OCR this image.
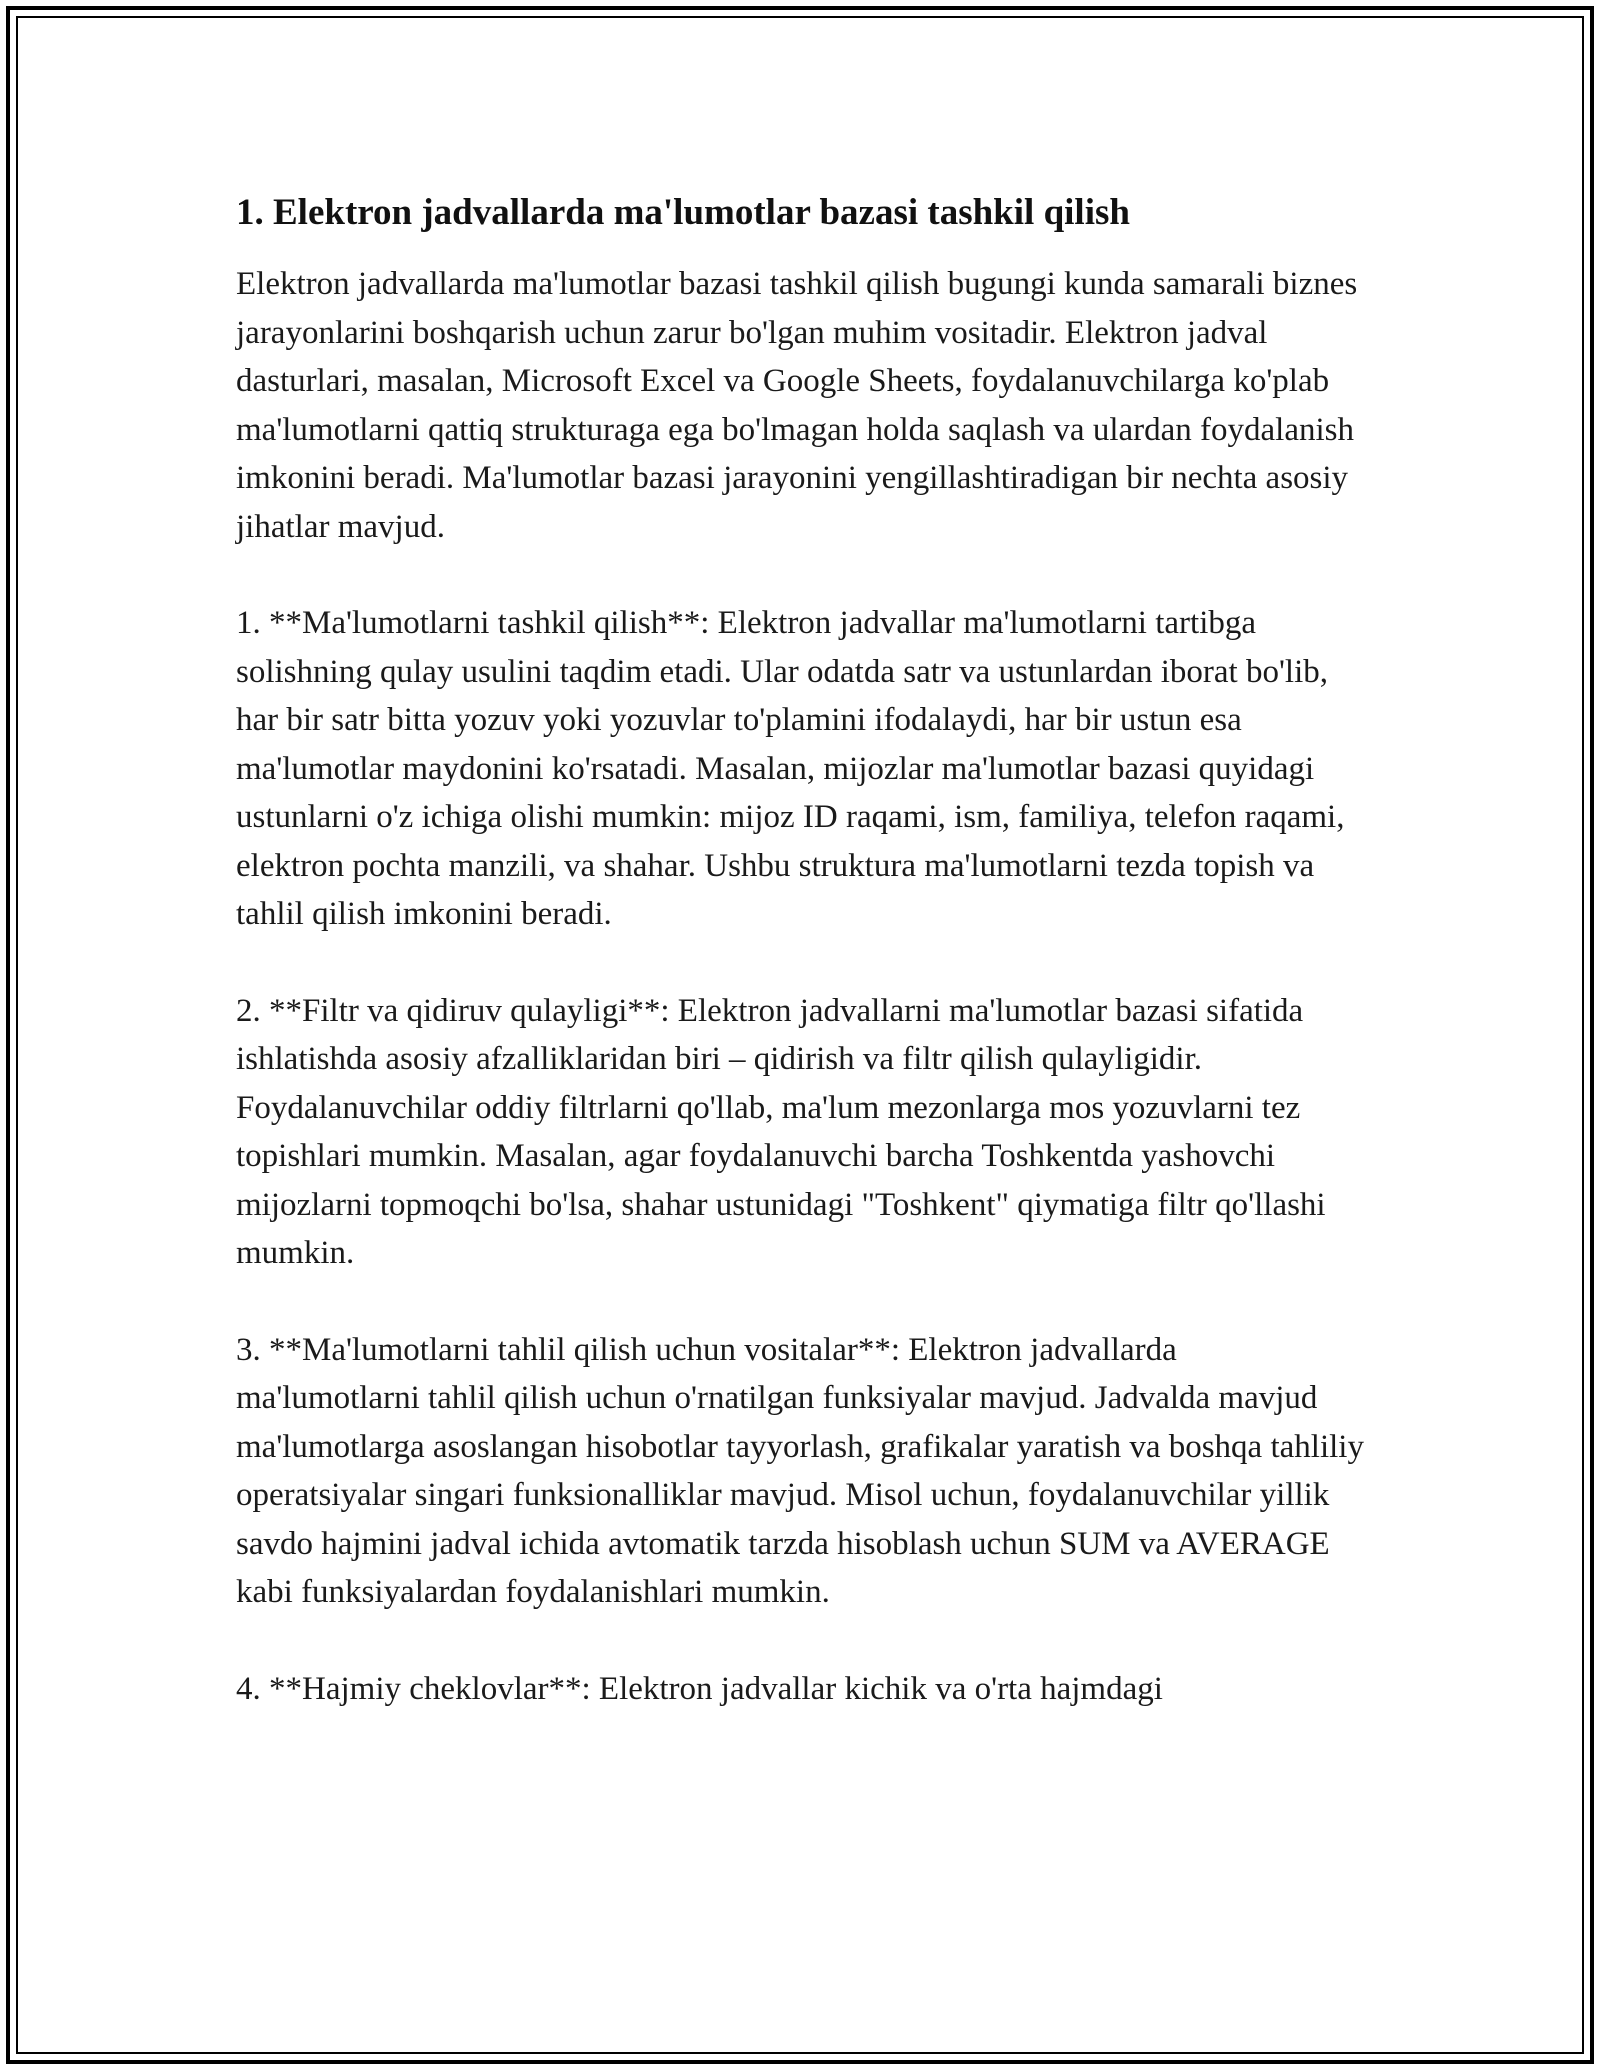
1. Elektron jadvallarda ma'lumotlar bazasi tashkil qilish

Elektron jadvallarda ma'lumotlar bazasi tashkil qilish bugungi kunda samarali biznes jarayonlarini boshqarish uchun zarur bo'lgan muhim vositadir. Elektron jadval dasturlari, masalan, Microsoft Excel va Google Sheets, foydalanuvchilarga ko'plab ma'lumotlarni qattiq strukturaga ega bo'lmagan holda saqlash va ulardan foydalanish imkonini beradi. Ma'lumotlar bazasi jarayonini yengillashtiradigan bir nechta asosiy jihatlar mavjud.

1. **Ma'lumotlarni tashkil qilish**: Elektron jadvallar ma'lumotlarni tartibga solishning qulay usulini taqdim etadi. Ular odatda satr va ustunlardan iborat bo'lib, har bir satr bitta yozuv yoki yozuvlar to'plamini ifodalaydi, har bir ustun esa ma'lumotlar maydonini ko'rsatadi. Masalan, mijozlar ma'lumotlar bazasi quyidagi ustunlarni o'z ichiga olishi mumkin: mijoz ID raqami, ism, familiya, telefon raqami, elektron pochta manzili, va shahar. Ushbu struktura ma'lumotlarni tezda topish va tahlil qilish imkonini beradi.

2. **Filtr va qidiruv qulayligi**: Elektron jadvallarni ma'lumotlar bazasi sifatida ishlatishda asosiy afzalliklaridan biri – qidirish va filtr qilish qulayligidir. Foydalanuvchilar oddiy filtrlarni qo'llab, ma'lum mezonlarga mos yozuvlarni tez topishlari mumkin. Masalan, agar foydalanuvchi barcha Toshkentda yashovchi mijozlarni topmoqchi bo'lsa, shahar ustunidagi "Toshkent" qiymatiga filtr qo'llashi mumkin.

3. **Ma'lumotlarni tahlil qilish uchun vositalar**: Elektron jadvallarda ma'lumotlarni tahlil qilish uchun o'rnatilgan funksiyalar mavjud. Jadvalda mavjud ma'lumotlarga asoslangan hisobotlar tayyorlash, grafikalar yaratish va boshqa tahliliy operatsiyalar singari funksionalliklar mavjud. Misol uchun, foydalanuvchilar yillik savdo hajmini jadval ichida avtomatik tarzda hisoblash uchun SUM va AVERAGE kabi funksiyalardan foydalanishlari mumkin.

4. **Hajmiy cheklovlar**: Elektron jadvallar kichik va o'rta hajmdagi
